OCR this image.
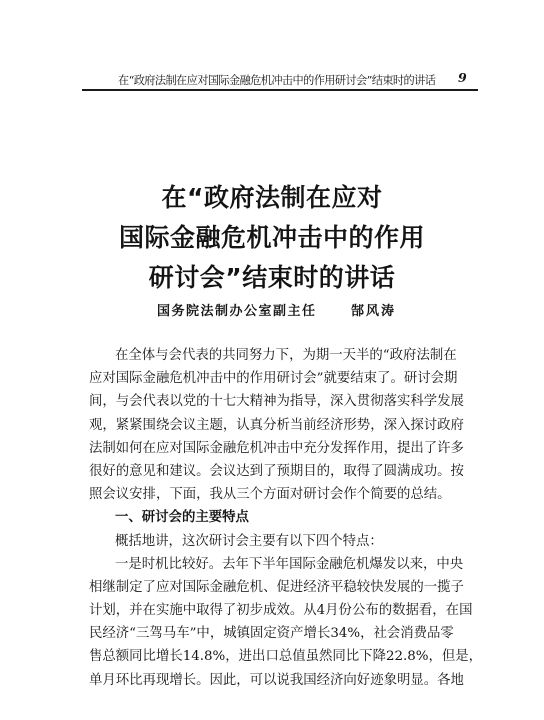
在“政府法制在应对国际金融危机冲击中的作用研讨会”结束时的讲话 9
在“政府法制在应对
国际金融危机冲击中的作用
研讨会”结束时的讲话
国务院法制办公室副主任	郜风涛
在全体与会代表的共同努力下，为期一天半的“政府法制在
应对国际金融危机冲击中的作用研讨会”就要结束了。研讨会期
间，与会代表以党的十七大精神为指导，深入贯彻落实科学发展
观，紧紧围绕会议主题，认真分析当前经济形势，深入探讨政府
法制如何在应对国际金融危机冲击中充分发挥作用，提出了许多
很好的意见和建议。会议达到了预期目的，取得了圆满成功。按
照会议安排，下面，我从三个方面对研讨会作个简要的总结。
一、研讨会的主要特点
概括地讲，这次研讨会主要有以下四个特点：
一是时机比较好。去年下半年国际金融危机爆发以来，中央
相继制定了应对国际金融危机、促进经济平稳较快发展的一揽子
计划，并在实施中取得了初步成效。从4月份公布的数据看，在国
民经济“三驾马车”中，城镇固定资产增长34%，社会消费品零
售总额同比增长14.8%，进出口总值虽然同比下降22.8%，但是，
单月环比再现增长。因此，可以说我国经济向好迹象明显。各地
